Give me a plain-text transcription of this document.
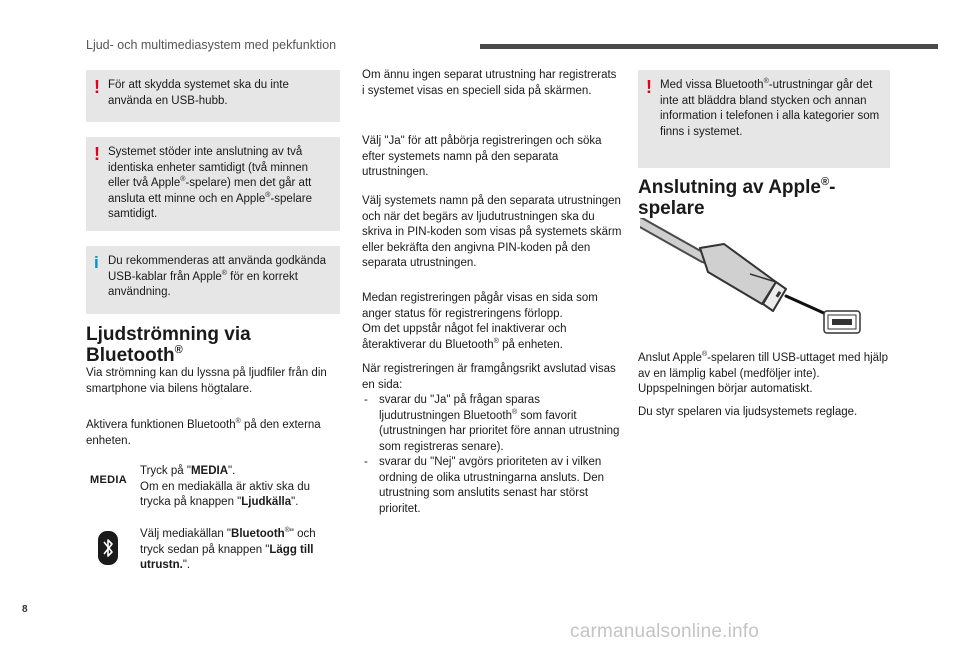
Ljud- och multimediasystem med pekfunktion
! För att skydda systemet ska du inte använda en USB-hubb.

! Systemet stöder inte anslutning av två identiska enheter samtidigt (två minnen eller två Apple®-spelare) men det går att ansluta ett minne och en Apple®-spelare samtidigt.

i Du rekommenderas att använda godkända USB-kablar från Apple® för en korrekt användning.

Ljudströmning via
Bluetooth®
Via strömning kan du lyssna på ljudfiler från din smartphone via bilens högtalare.
Aktivera funktionen Bluetooth® på den externa enheten.
MEDIA
Tryck på "MEDIA".
Om en mediakälla är aktiv ska du trycka på knappen "Ljudkälla".
Välj mediakällan "Bluetooth®" och tryck sedan på knappen "Lägg till utrustn.".
Om ännu ingen separat utrustning har registrerats i systemet visas en speciell sida på skärmen.
Välj "Ja" för att påbörja registreringen och söka efter systemets namn på den separata utrustningen.
Välj systemets namn på den separata utrustningen och när det begärs av ljudutrustningen ska du skriva in PIN-koden som visas på systemets skärm eller bekräfta den angivna PIN-koden på den separata utrustningen.

Medan registreringen pågår visas en sida som anger status för registreringens förlopp.

Om det uppstår något fel inaktiverar och återaktiverar du Bluetooth® på enheten.

När registreringen är framgångsrikt avslutad visas en sida:

- svarar du "Ja" på frågan sparas ljudutrustningen Bluetooth® som favorit (utrustningen har prioritet före annan utrustning som registreras senare).
- svarar du "Nej" avgörs prioriteten av i vilken ordning de olika utrustningarna ansluts. Den utrustning som anslutits senast har störst prioritet.
! Med vissa Bluetooth®-utrustningar går det inte att bläddra bland stycken och annan information i telefonen i alla kategorier som finns i systemet.

Anslutning av Apple®-
spelare
Anslut Apple®-spelaren till USB-uttaget med hjälp av en lämplig kabel (medföljer inte). Uppspelningen börjar automatiskt.
Du styr spelaren via ljudsystemets reglage.
8
carmanualsonline.info
